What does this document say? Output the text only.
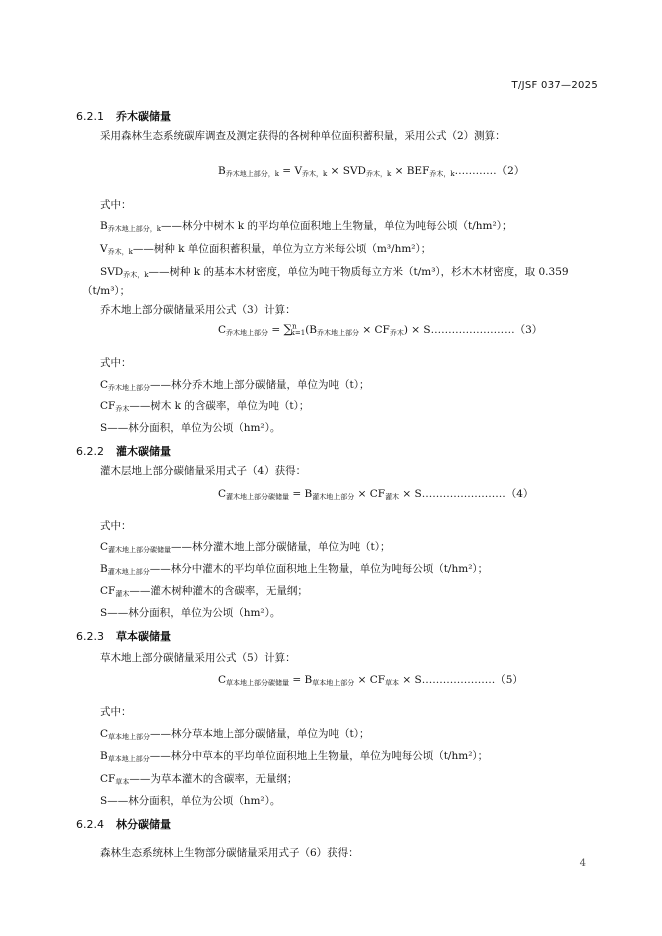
T/JSF 037—2025
6.2.1 乔木碳储量
采用森林生态系统碳库调查及测定获得的各树种单位面积蓄积量，采用公式（2）测算：
$B_{乔木地上部分,k} = V_{乔木,k} \times SVD_{乔木,k}$ × $BEF_{乔木,k}\dots\dots\dots\dots(2)$
式中：
$B_{乔木地上部分,k}——$林分中树木 k 的平均单位面积地上生物量，单位为吨每公顷（t/hm²）；
$V_{乔木,k}——$树种 k 单位面积蓄积量，单位为立方米每公顷（m³/hm²）；
$SVD_{乔木,k}——$树种 k 的基本木材密度，单位为吨干物质每立方米（t/m³），杉木木材密度，取 0.359
（t/m³）；
乔木地上部分碳储量采用公式（3）计算：
$C_{乔木地上部分} = \sum^n_{k=1}(B_{乔木地上部分} \times CF_{乔木})$ × S……………………（3）
式中：
$C_{乔木地上部分}——$林分乔木地上部分碳储量，单位为吨（t）；
$CF_{乔木}——$树木 k 的含碳率，单位为吨（t）；
S——林分面积，单位为公顷（hm²）。
6.2.2 灌木碳储量
灌木层地上部分碳储量采用式子（4）获得：
$C_{灌木地上部分碳储量} = B_{灌木地上部分} \times CF_{灌木}$ × S……………………（4）
式中：
$C_{灌木地上部分碳储量}——$林分灌木地上部分碳储量，单位为吨（t）；
$B_{灌木地上部分}——$林分中灌木的平均单位面积地上生物量，单位为吨每公顷（t/hm²）；
$CF_{灌木}——$灌木树种灌木的含碳率，无量纲；
S——林分面积，单位为公顷（hm²）。
6.2.3 草本碳储量
草木地上部分碳储量采用公式（5）计算：
$C_{草本地上部分碳储量} = B_{草本地上部分} \times CF_{草本}$ × S…………………（5）
式中：
$C_{草本地上部分}——$林分草本地上部分碳储量，单位为吨（t）；
$B_{草本地上部分}——$林分中草本的平均单位面积地上生物量，单位为吨每公顷（t/hm²）；
$CF_{草本}——$为草本灌木的含碳率，无量纲；
S——林分面积，单位为公顷（hm²）。
6.2.4 林分碳储量
森林生态系统林上生物部分碳储量采用式子（6）获得：
4
